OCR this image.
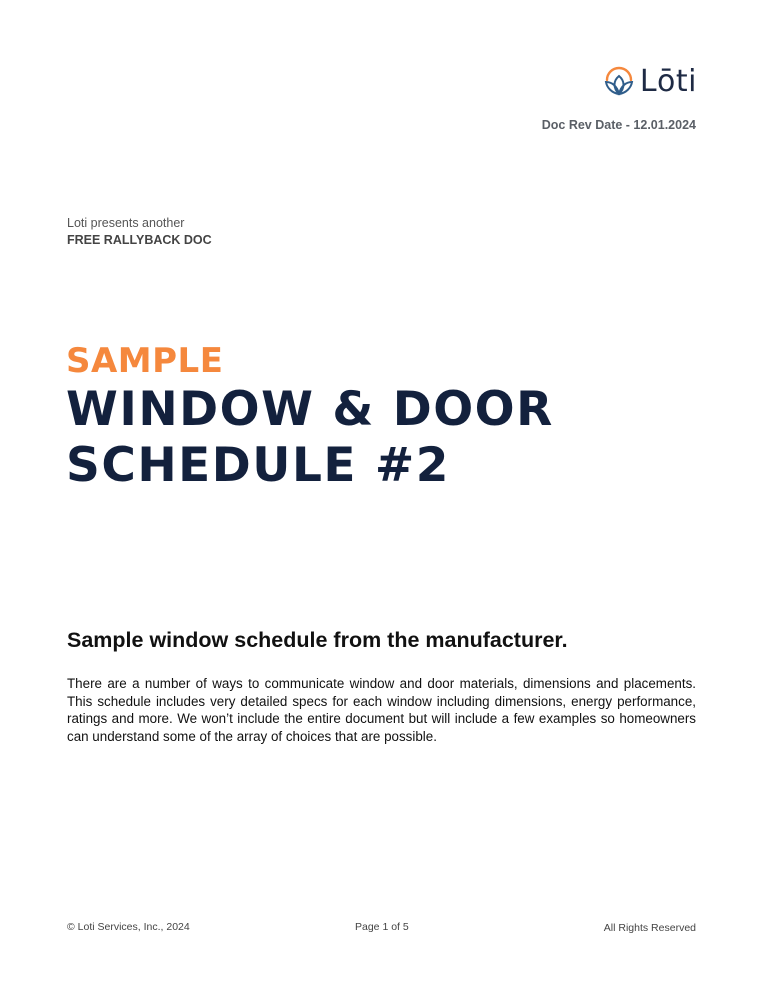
Lōti
Doc Rev Date - 12.01.2024
Loti presents another
FREE RALLYBACK DOC
SAMPLE
WINDOW & DOOR
SCHEDULE #2
Sample window schedule from the manufacturer.
There are a number of ways to communicate window and door materials, dimensions and placements. This schedule includes very detailed specs for each window including dimensions, energy performance, ratings and more. We won’t include the entire document but will include a few examples so homeowners can understand some of the array of choices that are possible.
© Loti Services, Inc., 2024	Page 1 of 5	All Rights Reserved
